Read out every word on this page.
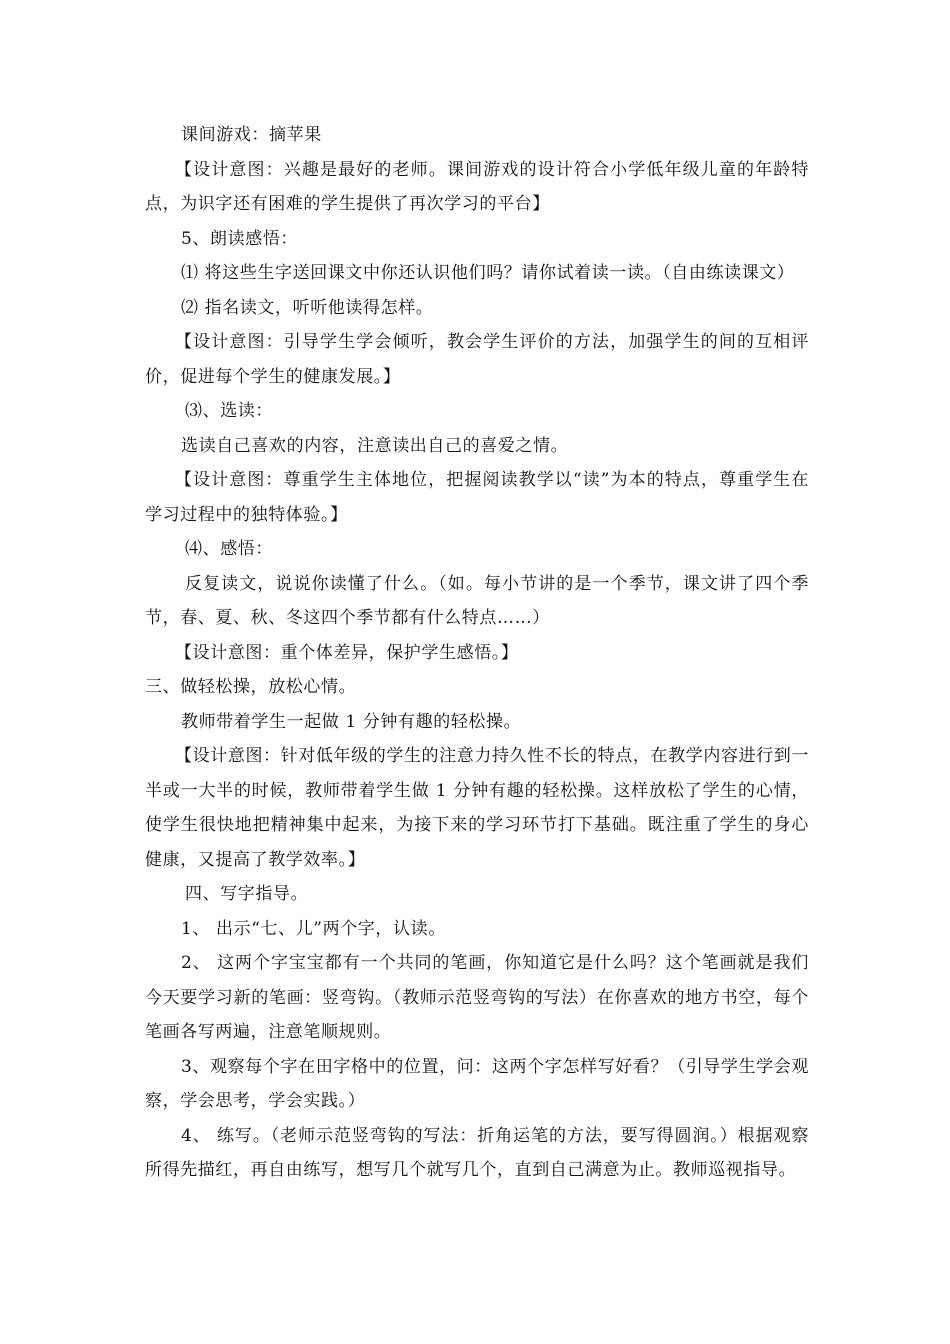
课间游戏：摘苹果

【设计意图：兴趣是最好的老师。课间游戏的设计符合小学低年级儿童的年龄特点，为识字还有困难的学生提供了再次学习的平台】

5、朗读感悟：

⑴ 将这些生字送回课文中你还认识他们吗？请你试着读一读。（自由练读课文）

⑵ 指名读文，听听他读得怎样。

【设计意图：引导学生学会倾听，教会学生评价的方法，加强学生的间的互相评价，促进每个学生的健康发展。】

⑶、选读：

选读自己喜欢的内容，注意读出自己的喜爱之情。

【设计意图：尊重学生主体地位，把握阅读教学以“读”为本的特点，尊重学生在学习过程中的独特体验。】

⑷、感悟：

反复读文，说说你读懂了什么。（如。每小节讲的是一个季节，课文讲了四个季节，春、夏、秋、冬这四个季节都有什么特点……）

【设计意图：重个体差异，保护学生感悟。】

三、做轻松操，放松心情。

教师带着学生一起做 1 分钟有趣的轻松操。

【设计意图：针对低年级的学生的注意力持久性不长的特点，在教学内容进行到一半或一大半的时候，教师带着学生做 1 分钟有趣的轻松操。这样放松了学生的心情，使学生很快地把精神集中起来，为接下来的学习环节打下基础。既注重了学生的身心健康，又提高了教学效率。】

四、写字指导。

1、 出示“七、儿”两个字，认读。

2、 这两个字宝宝都有一个共同的笔画，你知道它是什么吗？这个笔画就是我们今天要学习新的笔画：竖弯钩。（教师示范竖弯钩的写法）在你喜欢的地方书空，每个笔画各写两遍，注意笔顺规则。

3、观察每个字在田字格中的位置，问：这两个字怎样写好看？（引导学生学会观察，学会思考，学会实践。）

4、 练写。（老师示范竖弯钩的写法：折角运笔的方法，要写得圆润。）根据观察所得先描红，再自由练写，想写几个就写几个，直到自己满意为止。教师巡视指导。
